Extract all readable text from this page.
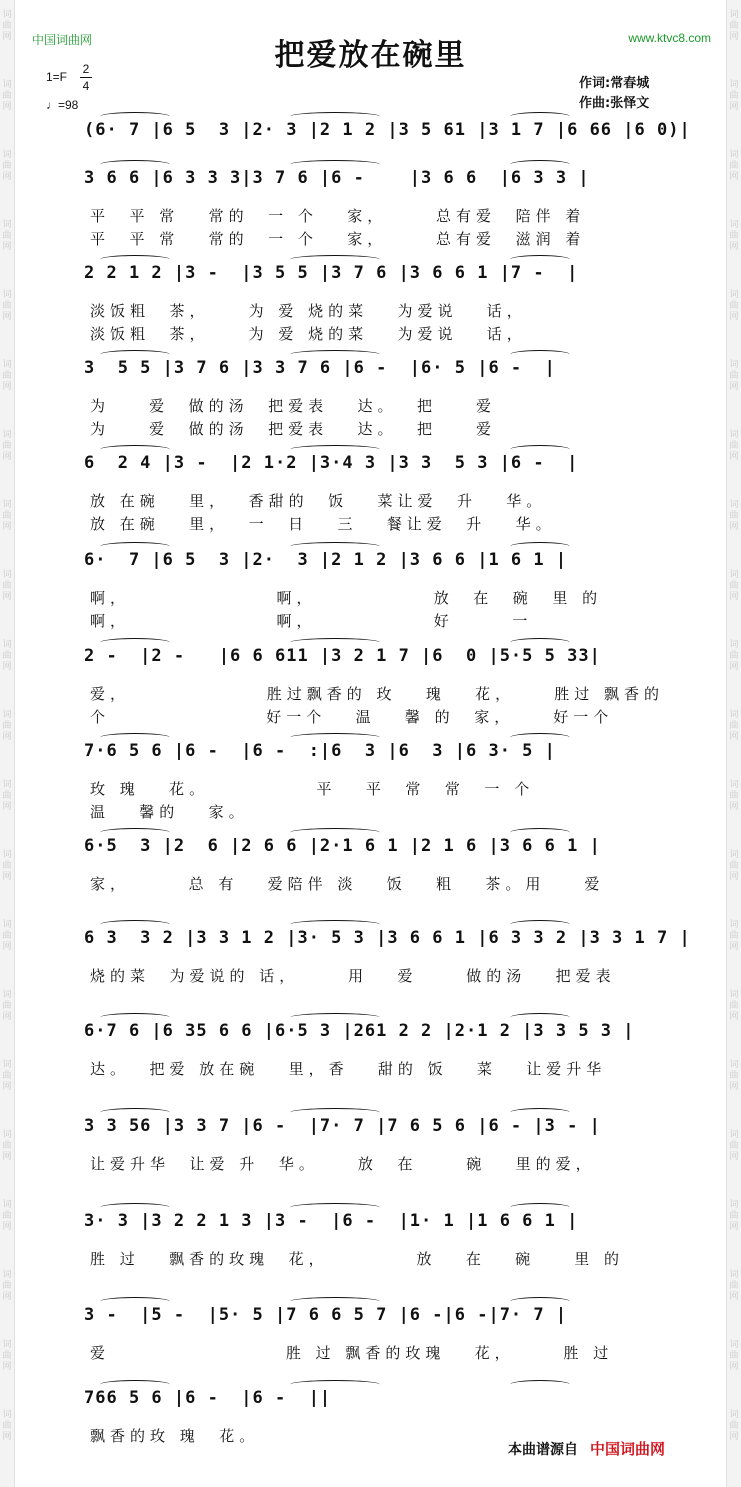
词
曲
网
词
曲
网
词
曲
网
词
曲
网
词
曲
网
词
曲
网
词
曲
网
词
曲
网
词
曲
网
词
曲
网
词
曲
网
词
曲
网
词
曲
网
词
曲
网
词
曲
网
词
曲
网
词
曲
网
词
曲
网
词
曲
网
词
曲
网
词
曲
网
词
曲
网
词
曲
网
词
曲
网
词
曲
网
词
曲
网
词
曲
网
词
曲
网
词
曲
网
词
曲
网
词
曲
网
词
曲
网
词
曲
网
词
曲
网
词
曲
网
词
曲
网
词
曲
网
词
曲
网
词
曲
网
词
曲
网
词
曲
网
词
曲
网
中国词曲网	www.ktvc8.com
把爱放在碗里
1=F
2
4
♩=98
作词:常春城
作曲:张怿文
(6· 7 |6 5  3 |2· 3 |2 1 2 |3 5 61 |3 1 7 |6 66 |6 0)|
3 6 6 |6 3 3 3|3 7 6 |6 -    |3 6 6  |6 3 3 |
平  平 常   常的  一 个   家，     总有爱  陪伴 着
平  平 常   常的  一 个   家，     总有爱  滋润 着
2 2 1 2 |3 -  |3 5 5 |3 7 6 |3 6 6 1 |7 -  |
淡饭粗  茶，    为 爱 烧的菜   为爱说   话，
淡饭粗  茶，    为 爱 烧的菜   为爱说   话，
3  5 5 |3 7 6 |3 3 7 6 |6 -  |6· 5 |6 -  |
为    爱  做的汤  把爱表   达。  把    爱
为    爱  做的汤  把爱表   达。  把    爱
6  2 4 |3 -  |2 1·2 |3·4 3 |3 3  5 3 |6 -  |
放 在碗   里，  香甜的  饭   菜让爱  升   华。
放 在碗   里，  一  日   三   餐让爱  升   华。
6·  7 |6 5  3 |2·  3 |2 1 2 |3 6 6 |1 6 1 |
啊，               啊，            放  在  碗  里 的
啊，               啊，            好      一
2 -  |2 -   |6 6 611 |3 2 1 7 |6  0 |5·5 5 33|
爱，              胜过飘香的 玫   瑰   花，    胜过 飘香的
个                好一个   温   馨 的  家，    好一个
7·6 5 6 |6 -  |6 -  :|6  3 |6  3 |6 3· 5 |
玫 瑰   花。           平   平  常  常  一 个
温   馨的   家。
6·5  3 |2  6 |2 6 6 |2·1 6 1 |2 1 6 |3 6 6 1 |
家，      总 有   爱陪伴 淡   饭   粗   茶。用    爱
6 3  3 2 |3 3 1 2 |3· 5 3 |3 6 6 1 |6 3 3 2 |3 3 1 7 |
烧的菜  为爱说的 话，     用   爱     做的汤   把爱表
6·7 6 |6 35 6 6 |6·5 3 |261 2 2 |2·1 2 |3 3 5 3 |
达。  把爱 放在碗   里，香   甜的 饭   菜   让爱升华
3 3 56 |3 3 7 |6 -  |7· 7 |7 6 5 6 |6 - |3 - |
让爱升华  让爱 升  华。    放  在     碗   里的爱，
3· 3 |3 2 2 1 3 |3 -  |6 -  |1· 1 |1 6 6 1 |
胜 过   飘香的玫瑰  花，         放   在   碗    里 的
3 -  |5 -  |5· 5 |7 6 6 5 7 |6 -|6 -|7· 7 |
爱                  胜 过 飘香的玫瑰   花，     胜 过
766 5 6 |6 -  |6 -  ||
飘香的玫 瑰  花。
本曲谱源自 中国词曲网
